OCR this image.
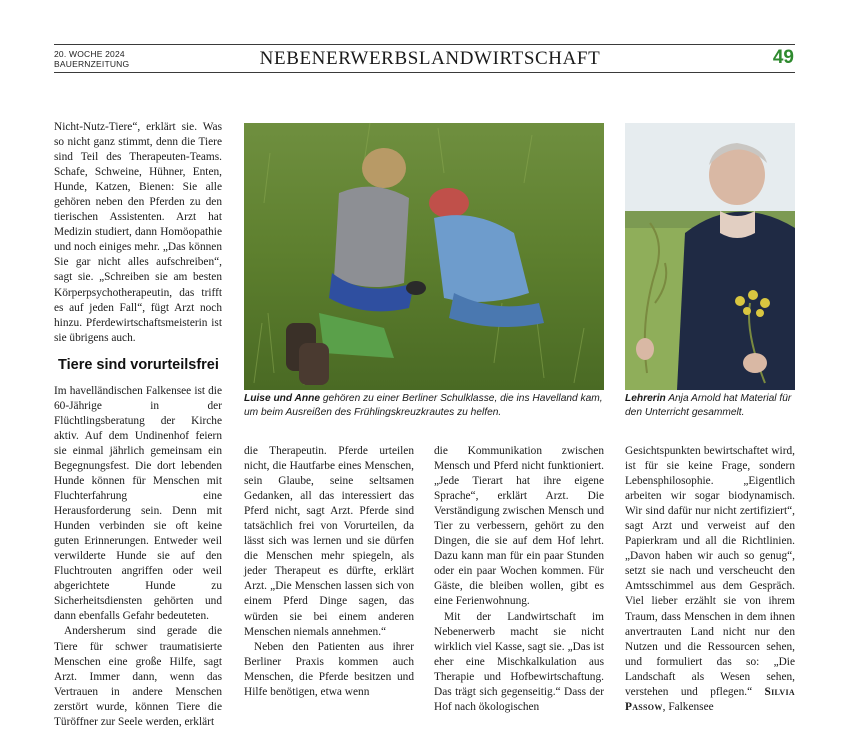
20. WOCHE 2024
BAUERNZEITUNG	NEBENERWERBSLANDWIRTSCHAFT	49

Nicht-Nutz-Tiere“, erklärt sie. Was so nicht ganz stimmt, denn die Tiere sind Teil des Therapeuten-Teams. Schafe, Schweine, Hühner, Enten, Hunde, Katzen, Bienen: Sie alle gehören neben den Pferden zu den tierischen Assistenten. Arzt hat Medizin studiert, dann Homöopathie und noch einiges mehr. „Das können Sie gar nicht alles aufschreiben“, sagt sie. „Schreiben sie am besten Körperpsychotherapeutin, das trifft es auf jeden Fall“, fügt Arzt noch hinzu. Pferdewirtschaftsmeisterin ist sie übrigens auch.

Tiere sind vorurteilsfrei

Im havelländischen Falkensee ist die 60-Jährige in der Flüchtlingsberatung der Kirche aktiv. Auf dem Undinenhof feiern sie einmal jährlich gemeinsam ein Begegnungsfest. Die dort lebenden Hunde können für Menschen mit Fluchterfahrung eine Herausforderung sein. Denn mit Hunden verbinden sie oft keine guten Erinnerungen. Entweder weil verwilderte Hunde sie auf den Fluchtrouten angriffen oder weil abgerichtete Hunde zu Sicherheitsdiensten gehörten und dann ebenfalls Gefahr bedeuteten.

Andersherum sind gerade die Tiere für schwer traumatisierte Menschen eine große Hilfe, sagt Arzt. Immer dann, wenn das Vertrauen in andere Menschen zerstört wurde, können Tiere die Türöffner zur Seele werden, erklärt

Luise und Anne gehören zu einer Berliner Schulklasse, die ins Havelland kam, um beim Ausreißen des Frühlingskreuzkrautes zu helfen.
Lehrerin Anja Arnold hat Material für den Unterricht gesammelt.

die Therapeutin. Pferde urteilen nicht, die Hautfarbe eines Menschen, sein Glaube, seine seltsamen Gedanken, all das interessiert das Pferd nicht, sagt Arzt. Pferde sind tatsächlich frei von Vorurteilen, da lässt sich was lernen und sie dürfen die Menschen mehr spiegeln, als jeder Therapeut es dürfte, erklärt Arzt. „Die Menschen lassen sich von einem Pferd Dinge sagen, das würden sie bei einem anderen Menschen niemals annehmen.“

Neben den Patienten aus ihrer Berliner Praxis kommen auch Menschen, die Pferde besitzen und Hilfe benötigen, etwa wenn

die Kommunikation zwischen Mensch und Pferd nicht funktioniert. „Jede Tierart hat ihre eigene Sprache“, erklärt Arzt. Die Verständigung zwischen Mensch und Tier zu verbessern, gehört zu den Dingen, die sie auf dem Hof lehrt. Dazu kann man für ein paar Stunden oder ein paar Wochen kommen. Für Gäste, die bleiben wollen, gibt es eine Ferienwohnung.

Mit der Landwirtschaft im Nebenerwerb macht sie nicht wirklich viel Kasse, sagt sie. „Das ist eher eine Mischkalkulation aus Therapie und Hofbewirtschaftung. Das trägt sich gegenseitig.“ Dass der Hof nach ökologischen

Gesichtspunkten bewirtschaftet wird, ist für sie keine Frage, sondern Lebensphilosophie. „Eigentlich arbeiten wir sogar biodynamisch. Wir sind dafür nur nicht zertifiziert“, sagt Arzt und verweist auf den Papierkram und all die Richtlinien. „Davon haben wir auch so genug“, setzt sie nach und verscheucht den Amtsschimmel aus dem Gespräch. Viel lieber erzählt sie von ihrem Traum, dass Menschen in dem ihnen anvertrauten Land nicht nur den Nutzen und die Ressourcen sehen, und formuliert das so: „Die Landschaft als Wesen sehen, verstehen und pflegen.“ Silvia Passow, Falkensee
